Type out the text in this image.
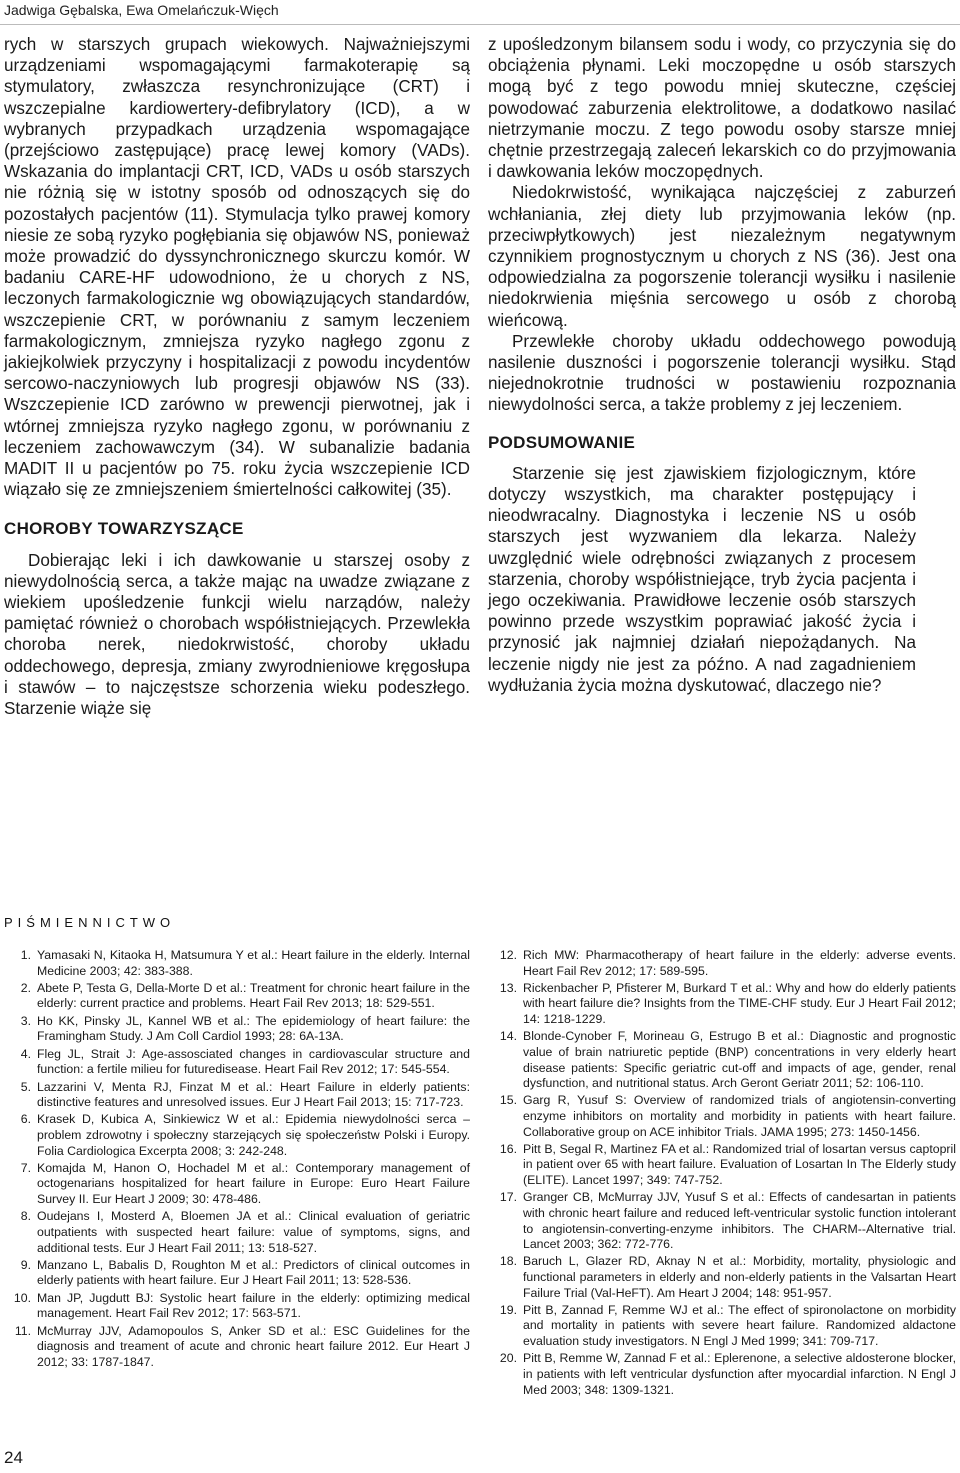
Jadwiga Gębalska, Ewa Omelańczuk-Więch

rych w starszych grupach wiekowych. Najważniejszymi urządzeniami wspomagającymi farmakoterapię są stymulatory, zwłaszcza resynchronizujące (CRT) i wszczepialne kardiowertery-defibrylatory (ICD), a w wybranych przypadkach urządzenia wspomagające (przejściowo zastępujące) pracę lewej komory (VADs). Wskazania do implantacji CRT, ICD, VADs u osób starszych nie różnią się w istotny sposób od odnoszących się do pozostałych pacjentów (11). Stymulacja tylko prawej komory niesie ze sobą ryzyko pogłębiania się objawów NS, ponieważ może prowadzić do dyssynchronicznego skurczu komór. W badaniu CARE-HF udowodniono, że u chorych z NS, leczonych farmakologicznie wg obowiązujących standardów, wszczepienie CRT, w porównaniu z samym leczeniem farmakologicznym, zmniejsza ryzyko nagłego zgonu z jakiejkolwiek przyczyny i hospitalizacji z powodu incydentów sercowo-naczyniowych lub progresji objawów NS (33). Wszczepienie ICD zarówno w prewencji pierwotnej, jak i wtórnej zmniejsza ryzyko nagłego zgonu, w porównaniu z leczeniem zachowawczym (34). W subanalizie badania MADIT II u pacjentów po 75. roku życia wszczepienie ICD wiązało się ze zmniejszeniem śmiertelności całkowitej (35).

CHOROBY TOWARZYSZĄCE

Dobierając leki i ich dawkowanie u starszej osoby z niewydolnością serca, a także mając na uwadze związane z wiekiem upośledzenie funkcji wielu narządów, należy pamiętać również o chorobach współistniejących. Przewlekła choroba nerek, niedokrwistość, choroby układu oddechowego, depresja, zmiany zwyrodnieniowe kręgosłupa i stawów – to najczęstsze schorzenia wieku podeszłego. Starzenie wiąże się

z upośledzonym bilansem sodu i wody, co przyczynia się do obciążenia płynami. Leki moczopędne u osób starszych mogą być z tego powodu mniej skuteczne, częściej powodować zaburzenia elektrolitowe, a dodatkowo nasilać nietrzymanie moczu. Z tego powodu osoby starsze mniej chętnie przestrzegają zaleceń lekarskich co do przyjmowania i dawkowania leków moczopędnych.

Niedokrwistość, wynikająca najczęściej z zaburzeń wchłaniania, złej diety lub przyjmowania leków (np. przeciwpłytkowych) jest niezależnym negatywnym czynnikiem prognostycznym u chorych z NS (36). Jest ona odpowiedzialna za pogorszenie tolerancji wysiłku i nasilenie niedokrwienia mięśnia sercowego u osób z chorobą wieńcową.

Przewlekłe choroby układu oddechowego powodują nasilenie duszności i pogorszenie tolerancji wysiłku. Stąd niejednokrotnie trudności w postawieniu rozpoznania niewydolności serca, a także problemy z jej leczeniem.

PODSUMOWANIE

Starzenie się jest zjawiskiem fizjologicznym, które dotyczy wszystkich, ma charakter postępujący i nieodwracalny. Diagnostyka i leczenie NS u osób starszych jest wyzwaniem dla lekarza. Należy uwzględnić wiele odrębności związanych z procesem starzenia, choroby współistniejące, tryb życia pacjenta i jego oczekiwania. Prawidłowe leczenie osób starszych powinno przede wszystkim poprawiać jakość życia i przynosić jak najmniej działań niepożądanych. Na leczenie nigdy nie jest za późno. A nad zagadnieniem wydłużania życia można dyskutować, dlaczego nie?

PIŚMIENNICTWO
1. Yamasaki N, Kitaoka H, Matsumura Y et al.: Heart failure in the elderly. Internal Medicine 2003; 42: 383-388.
2. Abete P, Testa G, Della-Morte D et al.: Treatment for chronic heart failure in the elderly: current practice and problems. Heart Fail Rev 2013; 18: 529-551.
3. Ho KK, Pinsky JL, Kannel WB et al.: The epidemiology of heart failure: the Framingham Study. J Am Coll Cardiol 1993; 28: 6A-13A.
4. Fleg JL, Strait J: Age-assosciated changes in cardiovascular structure and function: a fertile milieu for futuredisease. Heart Fail Rev 2012; 17: 545-554.
5. Lazzarini V, Menta RJ, Finzat M et al.: Heart Failure in elderly patients: distinctive features and unresolved issues. Eur J Heart Fail 2013; 15: 717-723.
6. Krasek D, Kubica A, Sinkiewicz W et al.: Epidemia niewydolności serca – problem zdrowotny i społeczny starzejących się społeczeństw Polski i Europy. Folia Cardiologica Excerpta 2008; 3: 242-248.
7. Komajda M, Hanon O, Hochadel M et al.: Contemporary management of octogenarians hospitalized for heart failure in Europe: Euro Heart Failure Survey II. Eur Heart J 2009; 30: 478-486.
8. Oudejans I, Mosterd A, Bloemen JA et al.: Clinical evaluation of geriatric outpatients with suspected heart failure: value of symptoms, signs, and additional tests. Eur J Heart Fail 2011; 13: 518-527.
9. Manzano L, Babalis D, Roughton M et al.: Predictors of clinical outcomes in elderly patients with heart failure. Eur J Heart Fail 2011; 13: 528-536.
10. Man JP, Jugdutt BJ: Systolic heart failure in the elderly: optimizing medical management. Heart Fail Rev 2012; 17: 563-571.
11. McMurray JJV, Adamopoulos S, Anker SD et al.: ESC Guidelines for the diagnosis and treament of acute and chronic heart failure 2012. Eur Heart J 2012; 33: 1787-1847.
12. Rich MW: Pharmacotherapy of heart failure in the elderly: adverse events. Heart Fail Rev 2012; 17: 589-595.
13. Rickenbacher P, Pfisterer M, Burkard T et al.: Why and how do elderly patients with heart failure die? Insights from the TIME-CHF study. Eur J Heart Fail 2012; 14: 1218-1229.
14. Blonde-Cynober F, Morineau G, Estrugo B et al.: Diagnostic and prognostic value of brain natriuretic peptide (BNP) concentrations in very elderly heart disease patients: Specific geriatric cut-off and impacts of age, gender, renal dysfunction, and nutritional status. Arch Geront Geriatr 2011; 52: 106-110.
15. Garg R, Yusuf S: Overview of randomized trials of angiotensin-converting enzyme inhibitors on mortality and morbidity in patients with heart failure. Collaborative group on ACE inhibitor Trials. JAMA 1995; 273: 1450-1456.
16. Pitt B, Segal R, Martinez FA et al.: Randomized trial of losartan versus captopril in patient over 65 with heart failure. Evaluation of Losartan In The Elderly study (ELITE). Lancet 1997; 349: 747-752.
17. Granger CB, McMurray JJV, Yusuf S et al.: Effects of candesartan in patients with chronic heart failure and reduced left-ventricular systolic function intolerant to angiotensin-converting-enzyme inhibitors. The CHARM--Alternative trial. Lancet 2003; 362: 772-776.
18. Baruch L, Glazer RD, Aknay N et al.: Morbidity, mortality, physiologic and functional parameters in elderly and non-elderly patients in the Valsartan Heart Failure Trial (Val-HeFT). Am Heart J 2004; 148: 951-957.
19. Pitt B, Zannad F, Remme WJ et al.: The effect of spironolactone on morbidity and mortality in patients with severe heart failure. Randomized aldactone evaluation study investigators. N Engl J Med 1999; 341: 709-717.
20. Pitt B, Remme W, Zannad F et al.: Eplerenone, a selective aldosterone blocker, in patients with left ventricular dysfunction after myocardial infarction. N Engl J Med 2003; 348: 1309-1321.
24
